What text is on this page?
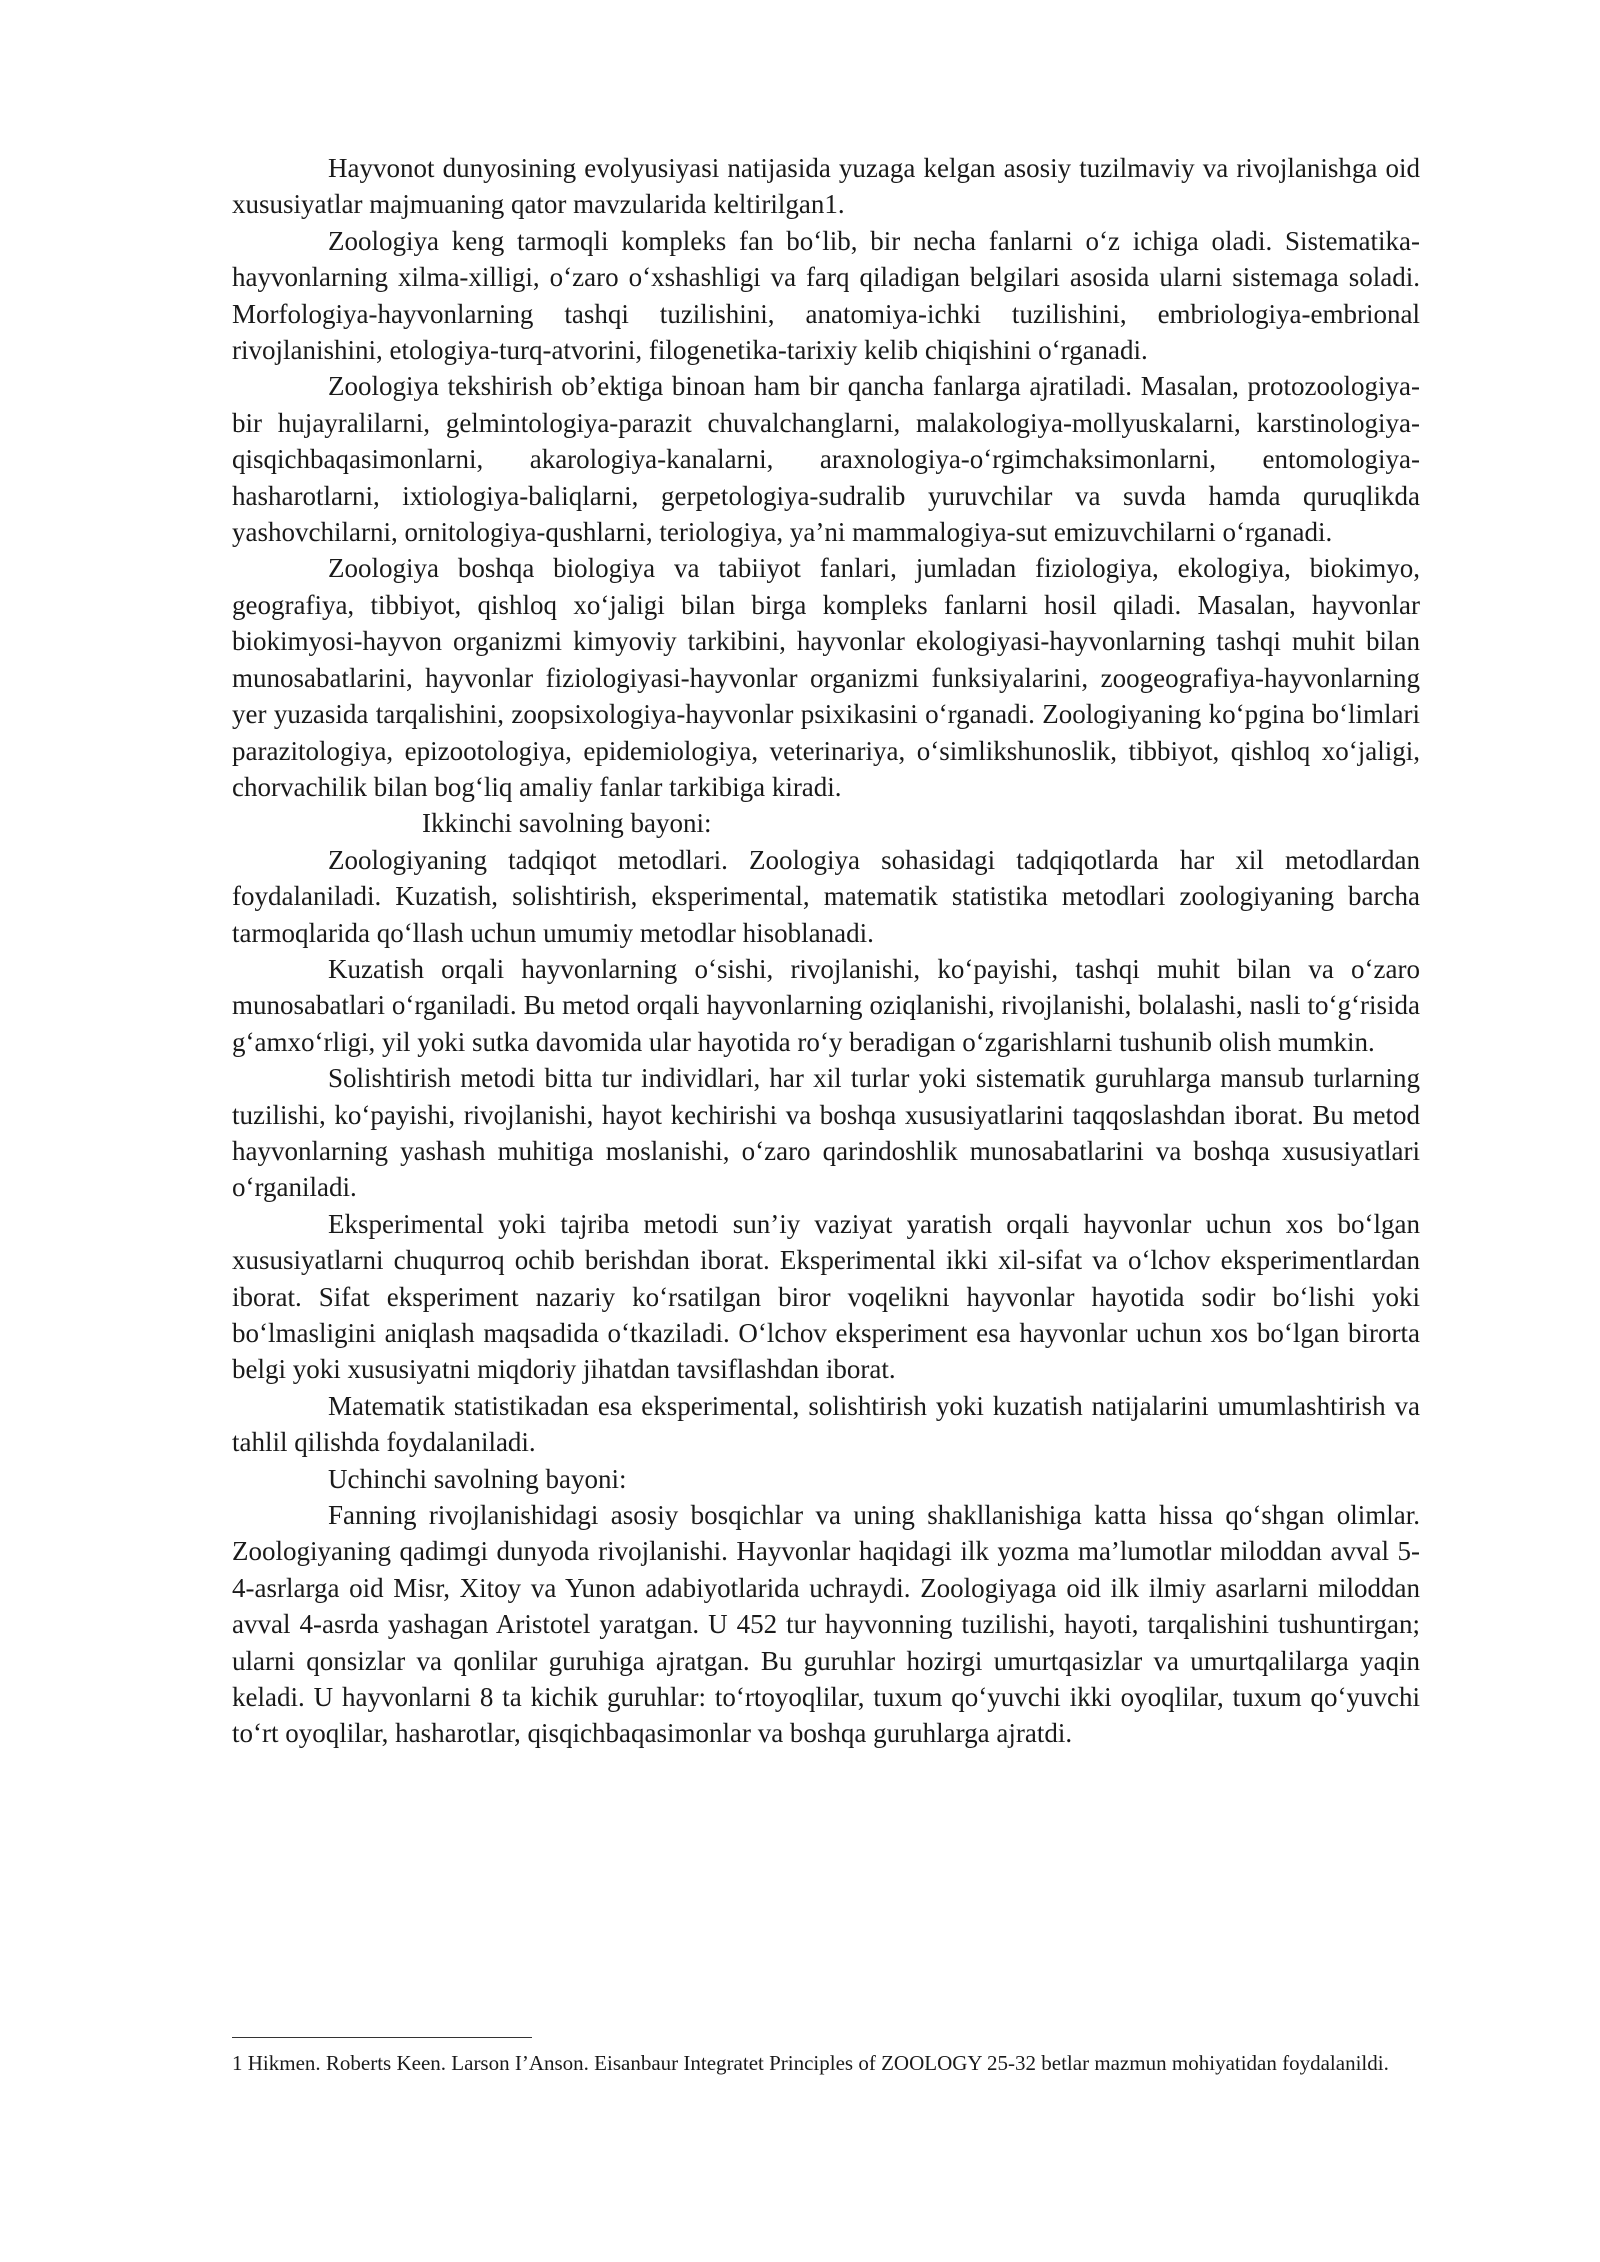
Hayvonot dunyosining evolyusiyasi natijasida yuzaga kelgan asosiy tuzilmaviy va rivojlanishga oid xususiyatlar majmuaning qator mavzularida keltirilgan1.

Zoologiya keng tarmoqli kompleks fan bo‘lib, bir necha fanlarni o‘z ichiga oladi. Sistematika-hayvonlarning xilma-xilligi, o‘zaro o‘xshashligi va farq qiladigan belgilari asosida ularni sistemaga soladi. Morfologiya-hayvonlarning tashqi tuzilishini, anatomiya-ichki tuzilishini, embriologiya-embrional rivojlanishini, etologiya-turq-atvorini, filogenetika-tarixiy kelib chiqishini o‘rganadi.

Zoologiya tekshirish ob’ektiga binoan ham bir qancha fanlarga ajratiladi. Masalan, protozoologiya-bir hujayralilarni, gelmintologiya-parazit chuvalchanglarni, malakologiya-mollyuskalarni, karstinologiya-qisqichbaqasimonlarni, akarologiya-kanalarni, araxnologiya-o‘rgimchaksimonlarni, entomologiya-hasharotlarni, ixtiologiya-baliqlarni, gerpetologiya-sudralib yuruvchilar va suvda hamda quruqlikda yashovchilarni, ornitologiya-qushlarni, teriologiya, ya’ni mammalogiya-sut emizuvchilarni o‘rganadi.

Zoologiya boshqa biologiya va tabiiyot fanlari, jumladan fiziologiya, ekologiya, biokimyo, geografiya, tibbiyot, qishloq xo‘jaligi bilan birga kompleks fanlarni hosil qiladi. Masalan, hayvonlar biokimyosi-hayvon organizmi kimyoviy tarkibini, hayvonlar ekologiyasi-hayvonlarning tashqi muhit bilan munosabatlarini, hayvonlar fiziologiyasi-hayvonlar organizmi funksiyalarini, zoogeografiya-hayvonlarning yer yuzasida tarqalishini, zoopsixologiya-hayvonlar psixikasini o‘rganadi. Zoologiyaning ko‘pgina bo‘limlari parazitologiya, epizootologiya, epidemiologiya, veterinariya, o‘simlikshunoslik, tibbiyot, qishloq xo‘jaligi, chorvachilik bilan bog‘liq amaliy fanlar tarkibiga kiradi.

Ikkinchi savolning bayoni:

Zoologiyaning tadqiqot metodlari. Zoologiya sohasidagi tadqiqotlarda har xil metodlardan foydalaniladi. Kuzatish, solishtirish, eksperimental, matematik statistika metodlari zoologiyaning barcha tarmoqlarida qo‘llash uchun umumiy metodlar hisoblanadi.

Kuzatish orqali hayvonlarning o‘sishi, rivojlanishi, ko‘payishi, tashqi muhit bilan va o‘zaro munosabatlari o‘rganiladi. Bu metod orqali hayvonlarning oziqlanishi, rivojlanishi, bolalashi, nasli to‘g‘risida g‘amxo‘rligi, yil yoki sutka davomida ular hayotida ro‘y beradigan o‘zgarishlarni tushunib olish mumkin.

Solishtirish metodi bitta tur individlari, har xil turlar yoki sistematik guruhlarga mansub turlarning tuzilishi, ko‘payishi, rivojlanishi, hayot kechirishi va boshqa xususiyatlarini taqqoslashdan iborat. Bu metod hayvonlarning yashash muhitiga moslanishi, o‘zaro qarindoshlik munosabatlarini va boshqa xususiyatlari o‘rganiladi.

Eksperimental yoki tajriba metodi sun’iy vaziyat yaratish orqali hayvonlar uchun xos bo‘lgan xususiyatlarni chuqurroq ochib berishdan iborat. Eksperimental ikki xil-sifat va o‘lchov eksperimentlardan iborat. Sifat eksperiment nazariy ko‘rsatilgan biror voqelikni hayvonlar hayotida sodir bo‘lishi yoki bo‘lmasligini aniqlash maqsadida o‘tkaziladi. O‘lchov eksperiment esa hayvonlar uchun xos bo‘lgan birorta belgi yoki xususiyatni miqdoriy jihatdan tavsiflashdan iborat.

Matematik statistikadan esa eksperimental, solishtirish yoki kuzatish natijalarini umumlashtirish va tahlil qilishda foydalaniladi.

Uchinchi savolning bayoni:

Fanning rivojlanishidagi asosiy bosqichlar va uning shakllanishiga katta hissa qo‘shgan olimlar. Zoologiyaning qadimgi dunyoda rivojlanishi. Hayvonlar haqidagi ilk yozma ma’lumotlar miloddan avval 5-4-asrlarga oid Misr, Xitoy va Yunon adabiyotlarida uchraydi. Zoologiyaga oid ilk ilmiy asarlarni miloddan avval 4-asrda yashagan Aristotel yaratgan. U 452 tur hayvonning tuzilishi, hayoti, tarqalishini tushuntirgan; ularni qonsizlar va qonlilar guruhiga ajratgan. Bu guruhlar hozirgi umurtqasizlar va umurtqalilarga yaqin keladi. U hayvonlarni 8 ta kichik guruhlar: to‘rtoyoqlilar, tuxum qo‘yuvchi ikki oyoqlilar, tuxum qo‘yuvchi to‘rt oyoqlilar, hasharotlar, qisqichbaqasimonlar va boshqa guruhlarga ajratdi.

1 Hikmen. Roberts Keen. Larson I’Anson. Eisanbaur Integratet Principles of ZOOLOGY 25-32 betlar mazmun mohiyatidan foydalanildi.
